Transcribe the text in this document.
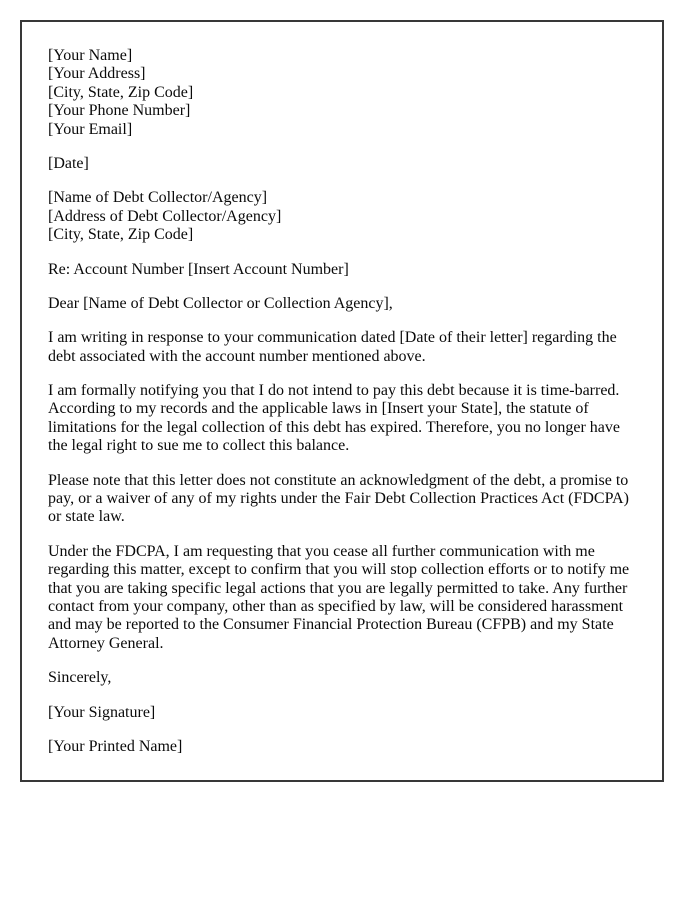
[Your Name]
[Your Address]
[City, State, Zip Code]
[Your Phone Number]
[Your Email]
[Date]
[Name of Debt Collector/Agency]
[Address of Debt Collector/Agency]
[City, State, Zip Code]
Re: Account Number [Insert Account Number]
Dear [Name of Debt Collector or Collection Agency],
I am writing in response to your communication dated [Date of their letter] regarding the
debt associated with the account number mentioned above.
I am formally notifying you that I do not intend to pay this debt because it is time-barred.
According to my records and the applicable laws in [Insert your State], the statute of
limitations for the legal collection of this debt has expired. Therefore, you no longer have
the legal right to sue me to collect this balance.
Please note that this letter does not constitute an acknowledgment of the debt, a promise to
pay, or a waiver of any of my rights under the Fair Debt Collection Practices Act (FDCPA)
or state law.
Under the FDCPA, I am requesting that you cease all further communication with me
regarding this matter, except to confirm that you will stop collection efforts or to notify me
that you are taking specific legal actions that you are legally permitted to take. Any further
contact from your company, other than as specified by law, will be considered harassment
and may be reported to the Consumer Financial Protection Bureau (CFPB) and my State
Attorney General.
Sincerely,
[Your Signature]
[Your Printed Name]
